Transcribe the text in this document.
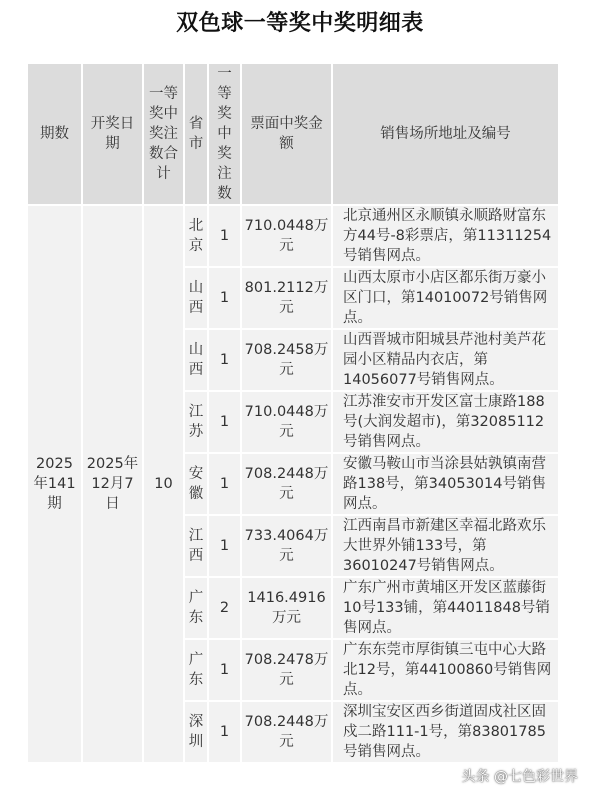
双色球一等奖中奖明细表
期数	开奖日期	一等奖中奖注数合计	省市	一等奖中奖注数	票面中奖金额	销售场所地址及编号
2025年141期	2025年12月7日	10	北京	1	710.0448万元	北京通州区永顺镇永顺路财富东方44号-8彩票店，第11311254号销售网点。
			山西	1	801.2112万元	山西太原市小店区都乐街万豪小区门口，第14010072号销售网点。
			山西	1	708.2458万元	山西晋城市阳城县芹池村美芦花园小区精品内衣店，第14056077号销售网点。
			江苏	1	710.0448万元	江苏淮安市开发区富士康路188号(大润发超市)，第32085112号销售网点。
			安徽	1	708.2448万元	安徽马鞍山市当涂县姑孰镇南营路138号，第34053014号销售网点。
			江西	1	733.4064万元	江西南昌市新建区幸福北路欢乐大世界外铺133号，第36010247号销售网点。
			广东	2	1416.4916万元	广东广州市黄埔区开发区蓝藤街10号133铺，第44011848号销售网点。
			广东	1	708.2478万元	广东东莞市厚街镇三屯中心大路北12号，第44100860号销售网点。
			深圳	1	708.2448万元	深圳宝安区西乡街道固戍社区固戍二路111-1号，第83801785号销售网点。
头条 @七色彩世界
